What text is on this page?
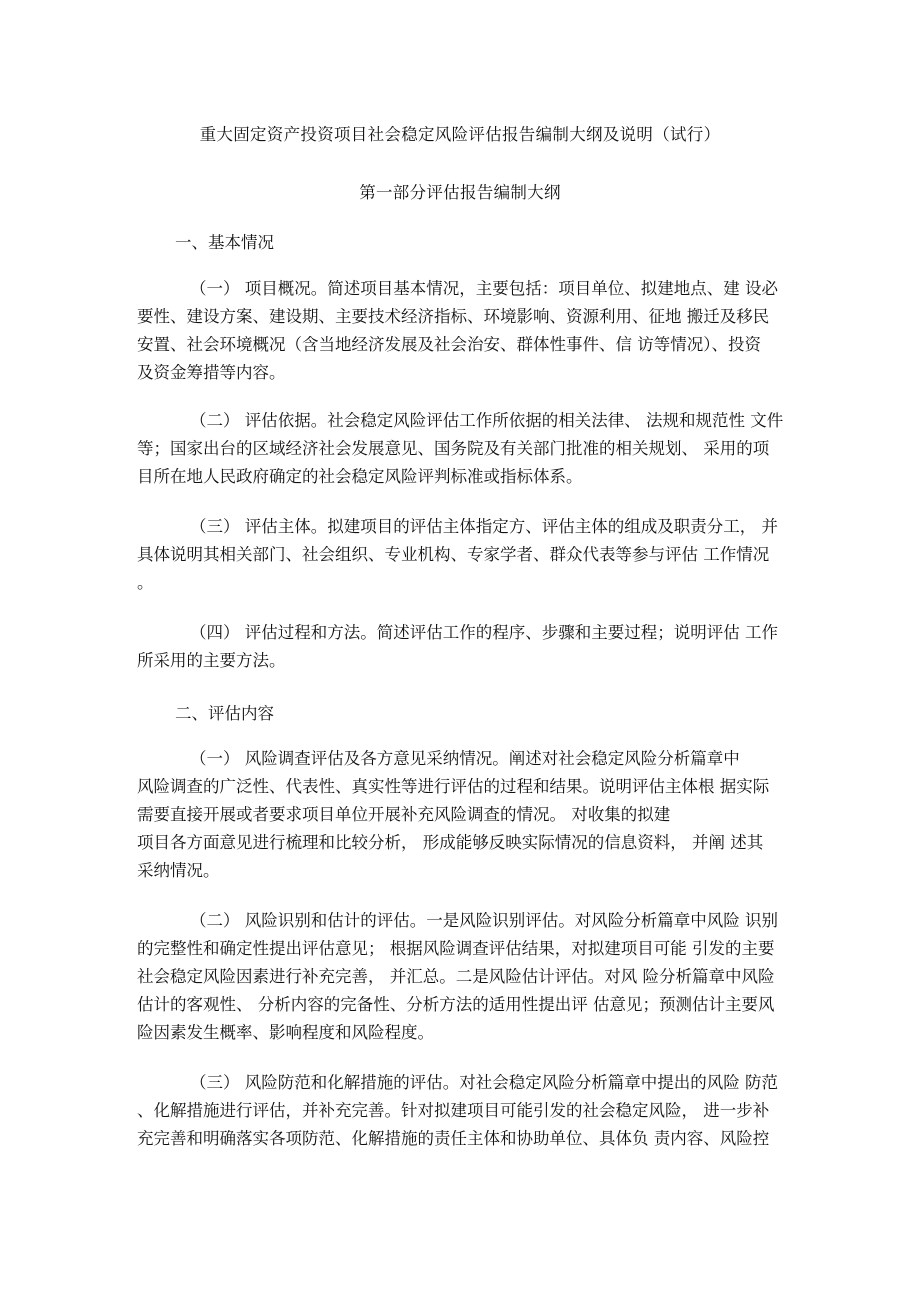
重大固定资产投资项目社会稳定风险评估报告编制大纲及说明（试行）
第一部分评估报告编制大纲
一、基本情况
（一） 项目概况。简述项目基本情况，主要包括：项目单位、拟建地点、建 设必
要性、建设方案、建设期、主要技术经济指标、环境影响、资源利用、征地 搬迁及移民
安置、社会环境概况（含当地经济发展及社会治安、群体性事件、信 访等情况）、投资
及资金筹措等内容。
（二） 评估依据。社会稳定风险评估工作所依据的相关法律、 法规和规范性 文件
等；国家出台的区域经济社会发展意见、国务院及有关部门批准的相关规划、 采用的项
目所在地人民政府确定的社会稳定风险评判标准或指标体系。
（三） 评估主体。拟建项目的评估主体指定方、评估主体的组成及职责分工， 并
具体说明其相关部门、社会组织、专业机构、专家学者、群众代表等参与评估 工作情况
。
（四） 评估过程和方法。简述评估工作的程序、步骤和主要过程；说明评估 工作
所采用的主要方法。
二、评估内容
（一） 风险调查评估及各方意见采纳情况。阐述对社会稳定风险分析篇章中
风险调查的广泛性、代表性、真实性等进行评估的过程和结果。说明评估主体根 据实际
需要直接开展或者要求项目单位开展补充风险调查的情况。 对收集的拟建
项目各方面意见进行梳理和比较分析， 形成能够反映实际情况的信息资料， 并阐 述其
采纳情况。
（二） 风险识别和估计的评估。一是风险识别评估。对风险分析篇章中风险 识别
的完整性和确定性提出评估意见； 根据风险调查评估结果，对拟建项目可能 引发的主要
社会稳定风险因素进行补充完善， 并汇总。二是风险估计评估。对风 险分析篇章中风险
估计的客观性、 分析内容的完备性、分析方法的适用性提出评 估意见；预测估计主要风
险因素发生概率、影响程度和风险程度。
（三） 风险防范和化解措施的评估。对社会稳定风险分析篇章中提出的风险 防范
、化解措施进行评估，并补充完善。针对拟建项目可能引发的社会稳定风险， 进一步补
充完善和明确落实各项防范、化解措施的责任主体和协助单位、具体负 责内容、风险控
